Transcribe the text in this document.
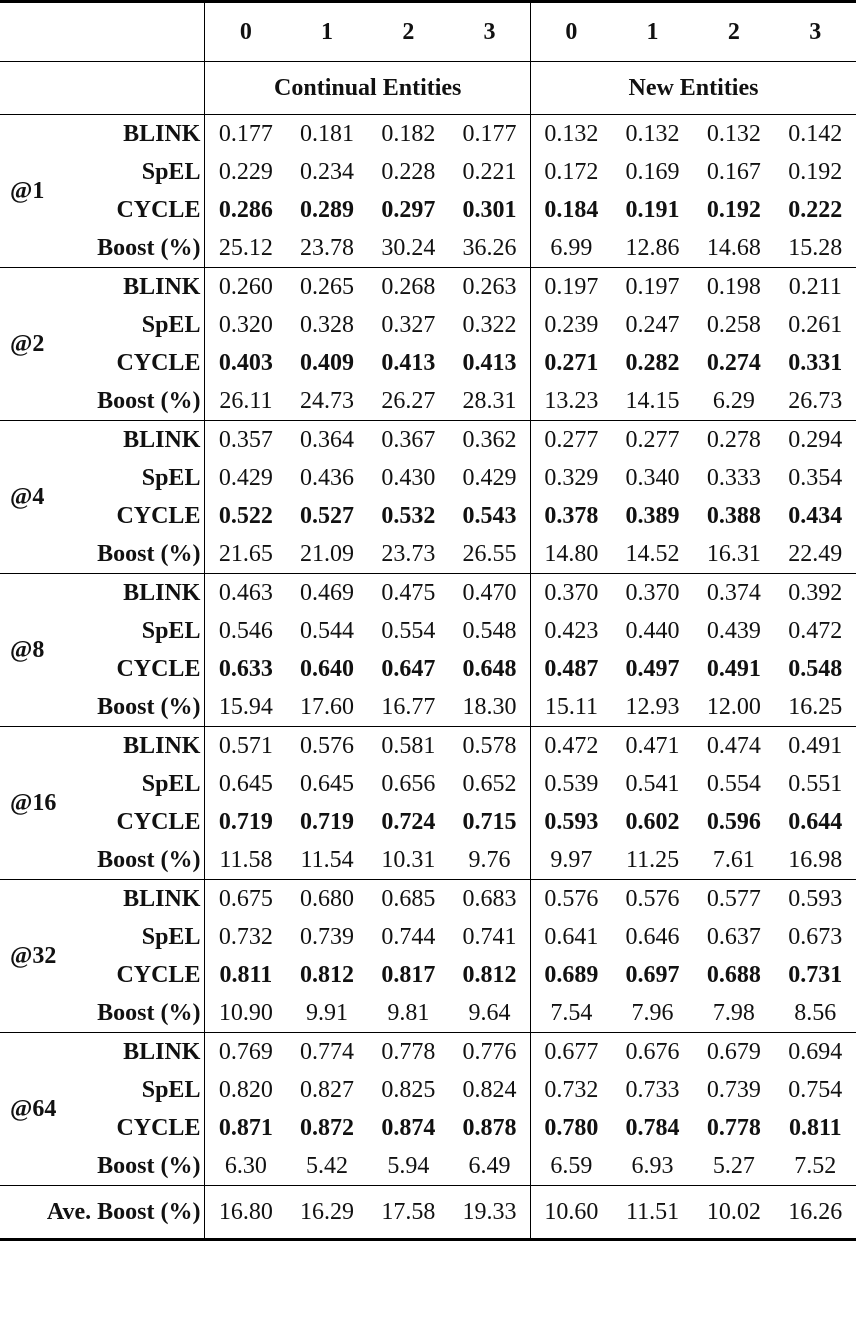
		0	1	2	3	0	1	2	3
		Continual Entities				New Entities			
@1	BLINK	0.177	0.181	0.182	0.177	0.132	0.132	0.132	0.142
	SpEL	0.229	0.234	0.228	0.221	0.172	0.169	0.167	0.192
	CYCLE	0.286	0.289	0.297	0.301	0.184	0.191	0.192	0.222
	Boost (%)	25.12	23.78	30.24	36.26	6.99	12.86	14.68	15.28
@2	BLINK	0.260	0.265	0.268	0.263	0.197	0.197	0.198	0.211
	SpEL	0.320	0.328	0.327	0.322	0.239	0.247	0.258	0.261
	CYCLE	0.403	0.409	0.413	0.413	0.271	0.282	0.274	0.331
	Boost (%)	26.11	24.73	26.27	28.31	13.23	14.15	6.29	26.73
@4	BLINK	0.357	0.364	0.367	0.362	0.277	0.277	0.278	0.294
	SpEL	0.429	0.436	0.430	0.429	0.329	0.340	0.333	0.354
	CYCLE	0.522	0.527	0.532	0.543	0.378	0.389	0.388	0.434
	Boost (%)	21.65	21.09	23.73	26.55	14.80	14.52	16.31	22.49
@8	BLINK	0.463	0.469	0.475	0.470	0.370	0.370	0.374	0.392
	SpEL	0.546	0.544	0.554	0.548	0.423	0.440	0.439	0.472
	CYCLE	0.633	0.640	0.647	0.648	0.487	0.497	0.491	0.548
	Boost (%)	15.94	17.60	16.77	18.30	15.11	12.93	12.00	16.25
@16	BLINK	0.571	0.576	0.581	0.578	0.472	0.471	0.474	0.491
	SpEL	0.645	0.645	0.656	0.652	0.539	0.541	0.554	0.551
	CYCLE	0.719	0.719	0.724	0.715	0.593	0.602	0.596	0.644
	Boost (%)	11.58	11.54	10.31	9.76	9.97	11.25	7.61	16.98
@32	BLINK	0.675	0.680	0.685	0.683	0.576	0.576	0.577	0.593
	SpEL	0.732	0.739	0.744	0.741	0.641	0.646	0.637	0.673
	CYCLE	0.811	0.812	0.817	0.812	0.689	0.697	0.688	0.731
	Boost (%)	10.90	9.91	9.81	9.64	7.54	7.96	7.98	8.56
@64	BLINK	0.769	0.774	0.778	0.776	0.677	0.676	0.679	0.694
	SpEL	0.820	0.827	0.825	0.824	0.732	0.733	0.739	0.754
	CYCLE	0.871	0.872	0.874	0.878	0.780	0.784	0.778	0.811
	Boost (%)	6.30	5.42	5.94	6.49	6.59	6.93	5.27	7.52
Ave. Boost (%)		16.80	16.29	17.58	19.33	10.60	11.51	10.02	16.26
